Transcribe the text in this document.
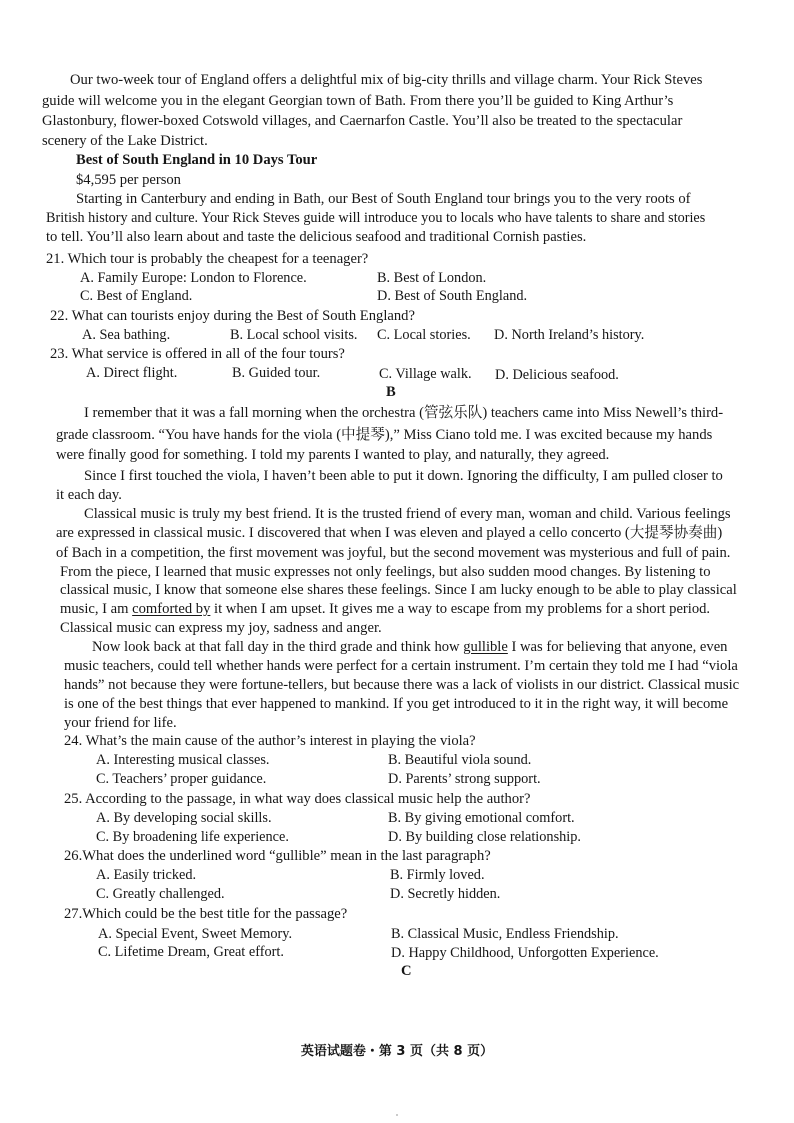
Our two-week tour of England offers a delightful mix of big-city thrills and village charm. Your Rick Steves
guide will welcome you in the elegant Georgian town of Bath. From there you’ll be guided to King Arthur’s
Glastonbury, flower-boxed Cotswold villages, and Caernarfon Castle. You’ll also be treated to the spectacular
scenery of the Lake District.
Best of South England in 10 Days Tour
$4,595 per person
Starting in Canterbury and ending in Bath, our Best of South England tour brings you to the very roots of
British history and culture. Your Rick Steves guide will introduce you to locals who have talents to share and stories
to tell. You’ll also learn about and taste the delicious seafood and traditional Cornish pasties.
21. Which tour is probably the cheapest for a teenager?
A. Family Europe: London to Florence.	B. Best of London.
C. Best of England.	D. Best of South England.
22. What can tourists enjoy during the Best of South England?
A. Sea bathing.	B. Local school visits. C. Local stories. D. North Ireland’s history.
23. What service is offered in all of the four tours?
A. Direct flight.	B. Guided tour.	C. Village walk. D. Delicious seafood.
B
I remember that it was a fall morning when the orchestra (管弦乐队) teachers came into Miss Newell’s third-
grade classroom. “You have hands for the viola (中提琴),” Miss Ciano told me. I was excited because my hands
were finally good for something. I told my parents I wanted to play, and naturally, they agreed.
Since I first touched the viola, I haven’t been able to put it down. Ignoring the difficulty, I am pulled closer to
it each day.
Classical music is truly my best friend. It is the trusted friend of every man, woman and child. Various feelings
are expressed in classical music. I discovered that when I was eleven and played a cello concerto (大提琴协奏曲)
of Bach in a competition, the first movement was joyful, but the second movement was mysterious and full of pain.
From the piece, I learned that music expresses not only feelings, but also sudden mood changes. By listening to
classical music, I know that someone else shares these feelings. Since I am lucky enough to be able to play classical
music, I am comforted by it when I am upset. It gives me a way to escape from my problems for a short period.
Classical music can express my joy, sadness and anger.
Now look back at that fall day in the third grade and think how gullible I was for believing that anyone, even
music teachers, could tell whether hands were perfect for a certain instrument. I’m certain they told me I had “viola
hands” not because they were fortune-tellers, but because there was a lack of violists in our district. Classical music
is one of the best things that ever happened to mankind. If you get introduced to it in the right way, it will become
your friend for life.
24. What’s the main cause of the author’s interest in playing the viola?
A. Interesting musical classes.	B. Beautiful viola sound.
C. Teachers’ proper guidance.	D. Parents’ strong support.
25. According to the passage, in what way does classical music help the author?
A. By developing social skills.	B. By giving emotional comfort.
C. By broadening life experience.	D. By building close relationship.
26.What does the underlined word “gullible” mean in the last paragraph?
A. Easily tricked.	B. Firmly loved.
C. Greatly challenged.	D. Secretly hidden.
27.Which could be the best title for the passage?
A. Special Event, Sweet Memory.	B. Classical Music, Endless Friendship.
C. Lifetime Dream, Great effort.	D. Happy Childhood, Unforgotten Experience.
C
英语试题卷・第 3 页（共 8 页）
